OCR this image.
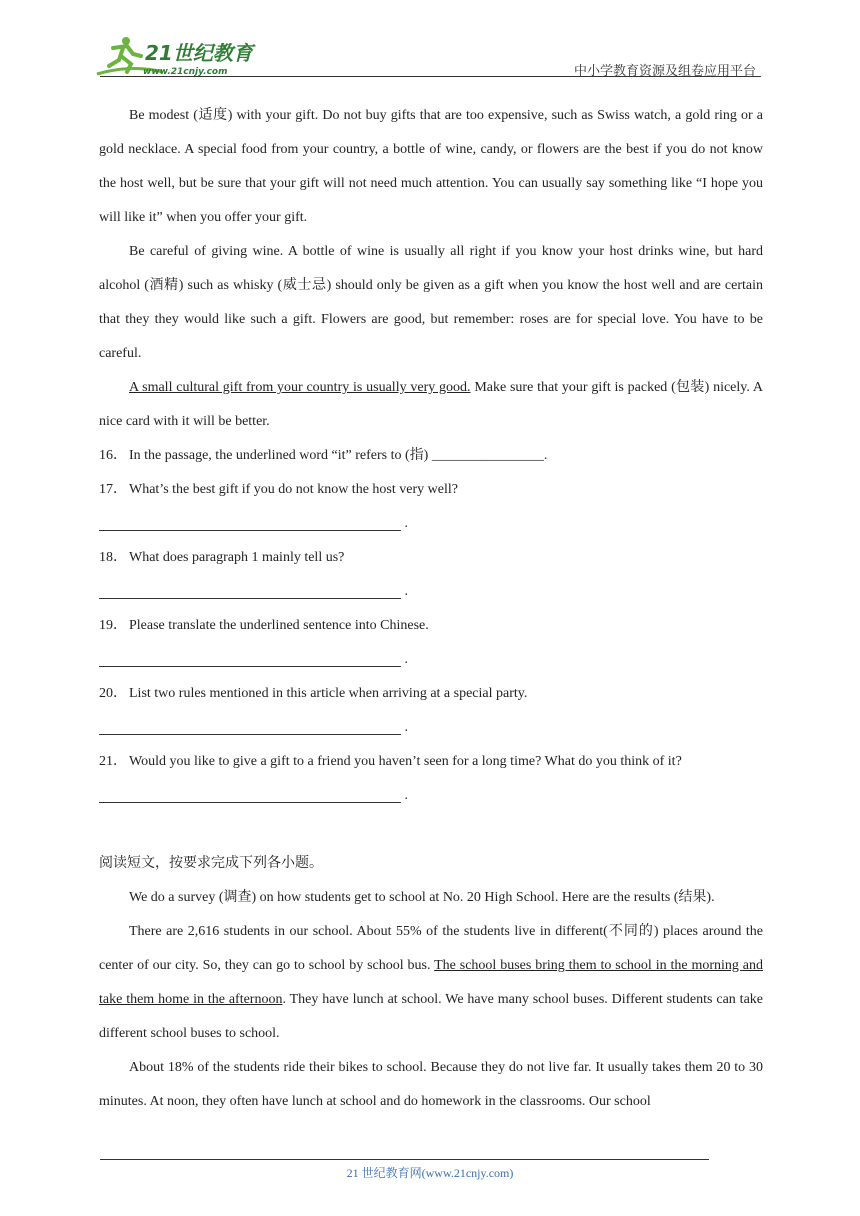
21世纪教育
www.21cnjy.com	中小学教育资源及组卷应用平台

Be modest (适度) with your gift. Do not buy gifts that are too expensive, such as Swiss watch, a gold ring or a gold necklace. A special food from your country, a bottle of wine, candy, or flowers are the best if you do not know the host well, but be sure that your gift will not need much attention. You can usually say something like “I hope you will like it” when you offer your gift.

Be careful of giving wine. A bottle of wine is usually all right if you know your host drinks wine, but hard alcohol (酒精) such as whisky (威士忌) should only be given as a gift when you know the host well and are certain that they they would like such a gift. Flowers are good, but remember: roses are for special love. You have to be careful.

A small cultural gift from your country is usually very good. Make sure that your gift is packed (包装) nicely. A nice card with it will be better.

16． In the passage, the underlined word “it” refers to (指) ________________.

17． What’s the best gift if you do not know the host very well?

.

18． What does paragraph 1 mainly tell us?

.

19． Please translate the underlined sentence into Chinese.

.

20． List two rules mentioned in this article when arriving at a special party.

.

21． Would you like to give a gift to a friend you haven’t seen for a long time? What do you think of it?

.

阅读短文，按要求完成下列各小题。

We do a survey (调查) on how students get to school at No. 20 High School. Here are the results (结果).

There are 2,616 students in our school. About 55% of the students live in different(不同的) places around the center of our city. So, they can go to school by school bus. The school buses bring them to school in the morning and take them home in the afternoon. They have lunch at school. We have many school buses. Different students can take different school buses to school.

About 18% of the students ride their bikes to school. Because they do not live far. It usually takes them 20 to 30 minutes. At noon, they often have lunch at school and do homework in the classrooms. Our school

21 世纪教育网(www.21cnjy.com)
